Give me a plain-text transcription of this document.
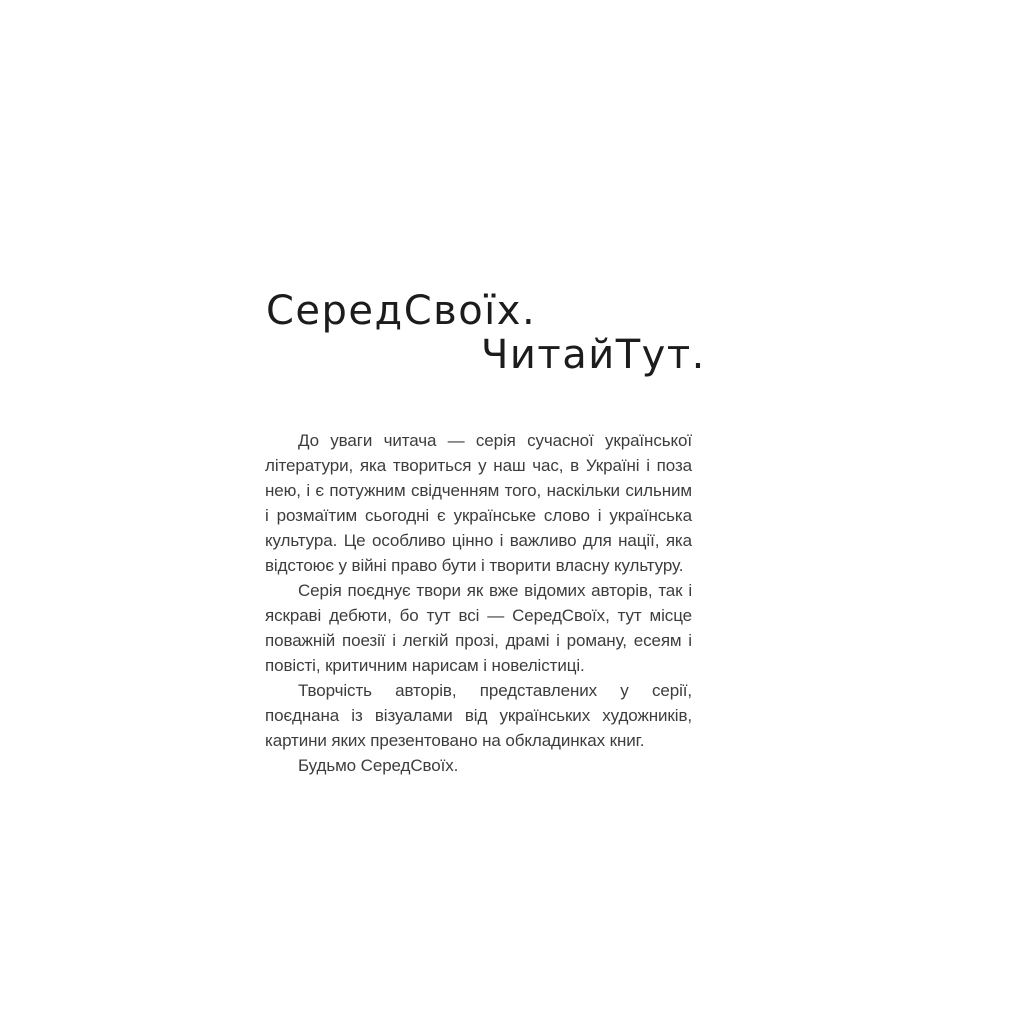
СередСвоїх.
ЧитайТут.

До уваги читача — серія сучасної української літератури, яка твориться у наш час, в Україні і поза нею, і є потужним свідченням того, наскільки сильним і розмаїтим сьогодні є українське слово і українська культура. Це особливо цінно і важливо для нації, яка відстоює у війні право бути і творити власну культуру.

Серія поєднує твори як вже відомих авторів, так і яскраві дебюти, бо тут всі — СередСвоїх, тут місце поважній поезії і легкій прозі, драмі і роману, есеям і повісті, критичним нарисам і новелістиці.

Творчість авторів, представлених у серії, поєднана із візуалами від українських художників, картини яких презентовано на обкладинках книг.

Будьмо СередСвоїх.
